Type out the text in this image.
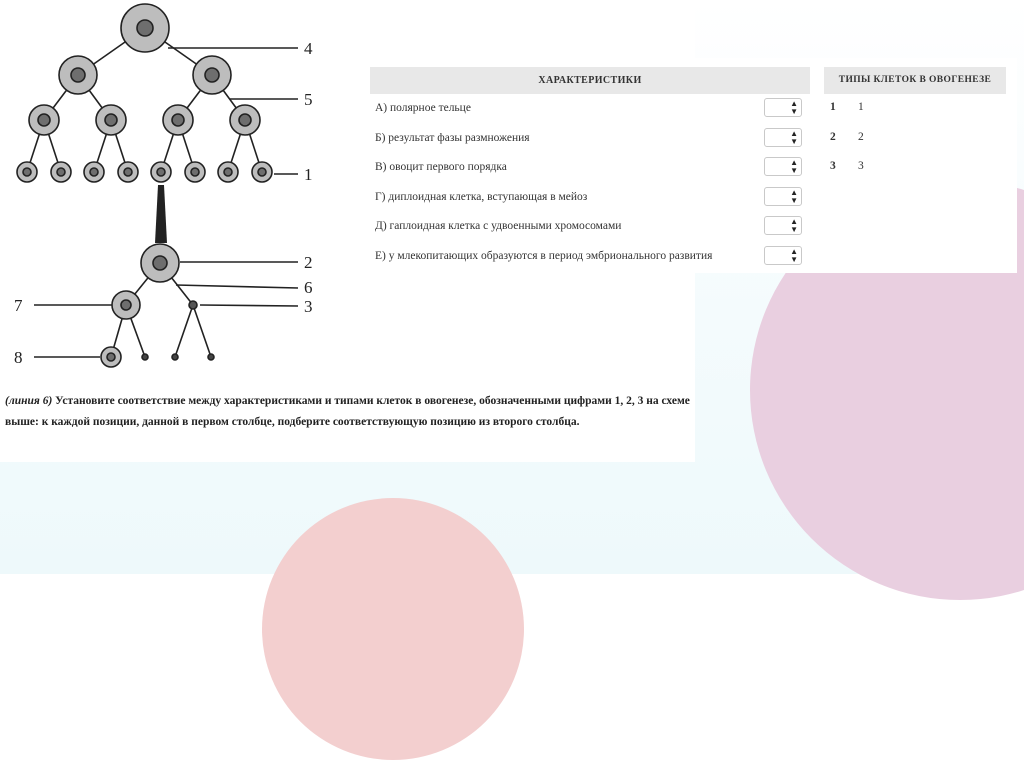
4
5
1
2
6
3
7
8
ХАРАКТЕРИСТИКИ
А) полярное тельце	▲
▼
Б) результат фазы размножения	▲
▼
В) овоцит первого порядка	▲
▼
Г) диплоидная клетка, вступающая в мейоз	▲
▼
Д) гаплоидная клетка с удвоенными хромосомами	▲
▼
Е) у млекопитающих образуются в период эмбрионального развития	▲
▼
ТИПЫ КЛЕТОК В ОВОГЕНЕЗЕ
1 1
2 2
3 3
(линия 6) Установите соответствие между характеристиками и типами клеток в овогенезе, обозначенными цифрами 1, 2, 3 на схеме выше: к каждой позиции, данной в первом столбце, подберите соответствующую позицию из второго столбца.
